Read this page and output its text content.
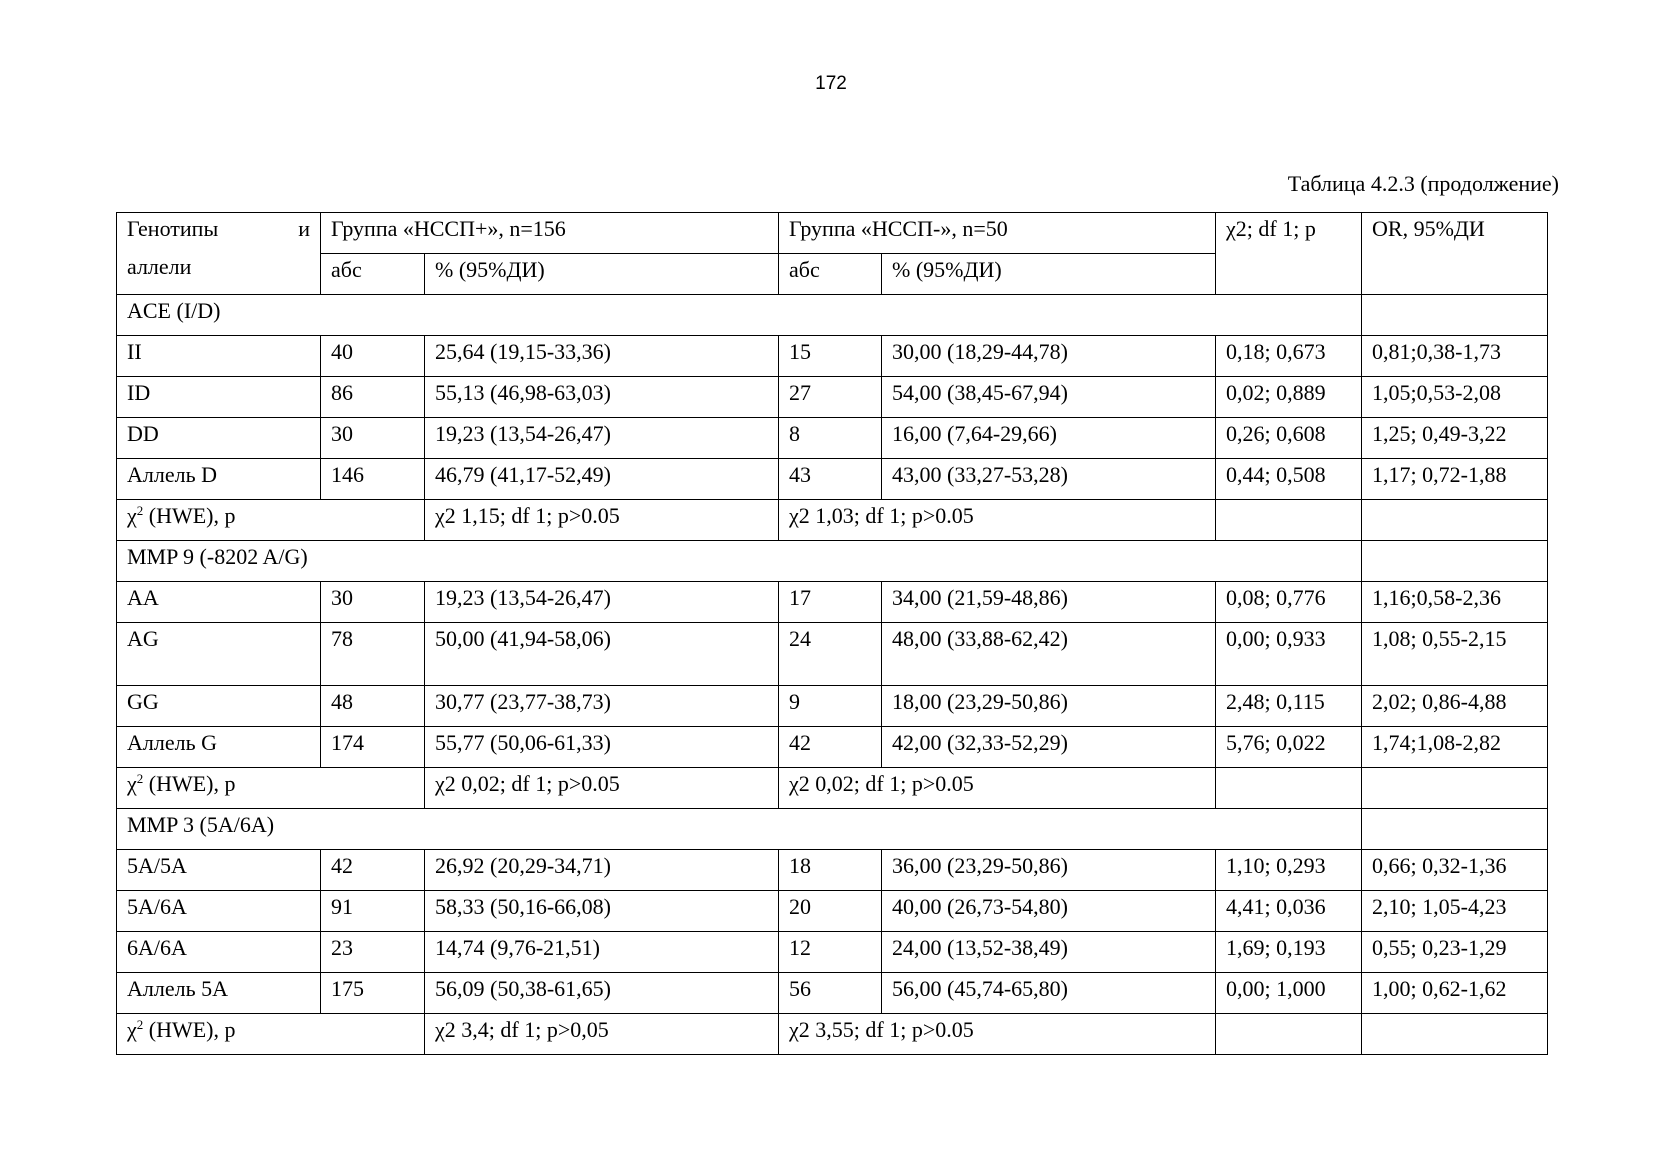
172
Таблица 4.2.3 (продолжение)
Генотипы и
аллели	Группа «НССП+», n=156		Группа «НССП-», n=50		χ2; df 1; p	OR, 95%ДИ
	абс	% (95%ДИ)	абс	% (95%ДИ)		
ACE (I/D)						
II	40	25,64 (19,15-33,36)	15	30,00 (18,29-44,78)	0,18; 0,673	0,81;0,38-1,73
ID	86	55,13 (46,98-63,03)	27	54,00 (38,45-67,94)	0,02; 0,889	1,05;0,53-2,08
DD	30	19,23 (13,54-26,47)	8	16,00 (7,64-29,66)	0,26; 0,608	1,25; 0,49-3,22
Аллель D	146	46,79 (41,17-52,49)	43	43,00 (33,27-53,28)	0,44; 0,508	1,17; 0,72-1,88
$\chi^2$ (HWE), p		χ2 1,15; df 1; p>0.05	χ2 1,03; df 1; p>0.05			
MMP 9 (-8202 A/G)						
AA	30	19,23 (13,54-26,47)	17	34,00 (21,59-48,86)	0,08; 0,776	1,16;0,58-2,36
AG	78	50,00 (41,94-58,06)	24	48,00 (33,88-62,42)	0,00; 0,933	1,08; 0,55-2,15
GG	48	30,77 (23,77-38,73)	9	18,00 (23,29-50,86)	2,48; 0,115	2,02; 0,86-4,88
Аллель G	174	55,77 (50,06-61,33)	42	42,00 (32,33-52,29)	5,76; 0,022	1,74;1,08-2,82
$\chi^2$ (HWE), p		χ2 0,02; df 1; p>0.05	χ2 0,02; df 1; p>0.05			
MMP 3 (5A/6A)						
5A/5A	42	26,92 (20,29-34,71)	18	36,00 (23,29-50,86)	1,10; 0,293	0,66; 0,32-1,36
5A/6A	91	58,33 (50,16-66,08)	20	40,00 (26,73-54,80)	4,41; 0,036	2,10; 1,05-4,23
6A/6A	23	14,74 (9,76-21,51)	12	24,00 (13,52-38,49)	1,69; 0,193	0,55; 0,23-1,29
Аллель 5A	175	56,09 (50,38-61,65)	56	56,00 (45,74-65,80)	0,00; 1,000	1,00; 0,62-1,62
$\chi^2$ (HWE), p		χ2 3,4; df 1; p>0,05	χ2 3,55; df 1; p>0.05			
